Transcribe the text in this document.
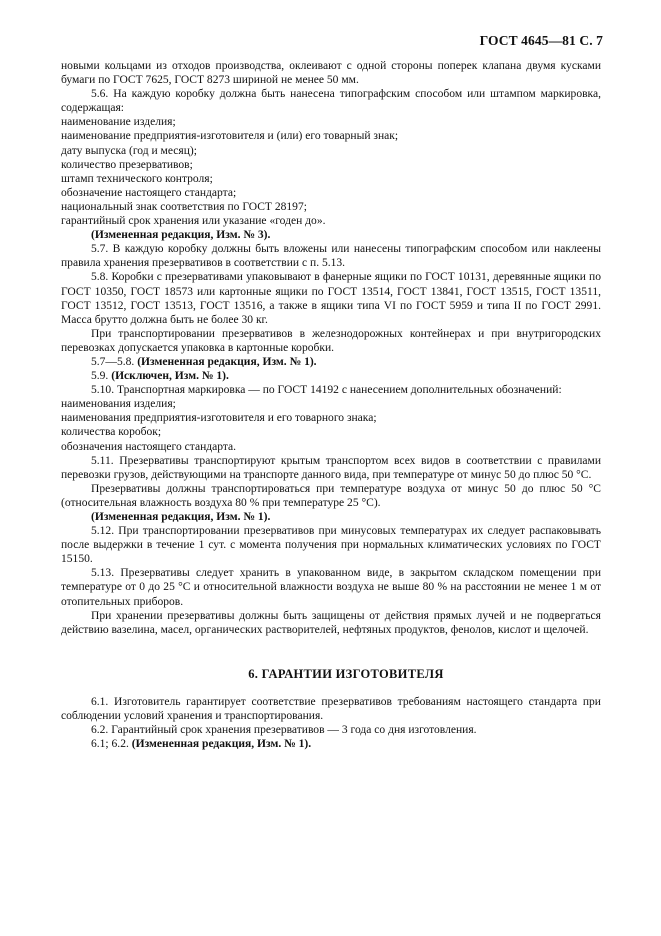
ГОСТ 4645—81 С. 7

новыми кольцами из отходов производства, оклеивают с одной стороны поперек клапана двумя кусками бумаги по ГОСТ 7625, ГОСТ 8273 шириной не менее 50 мм.

5.6. На каждую коробку должна быть нанесена типографским способом или штампом маркировка, содержащая:

наименование изделия;

наименование предприятия-изготовителя и (или) его товарный знак;

дату выпуска (год и месяц);

количество презервативов;

штамп технического контроля;

обозначение настоящего стандарта;

национальный знак соответствия по ГОСТ 28197;

гарантийный срок хранения или указание «годен до».

(Измененная редакция, Изм. № 3).

5.7. В каждую коробку должны быть вложены или нанесены типографским способом или наклеены правила хранения презервативов в соответствии с п. 5.13.

5.8. Коробки с презервативами упаковывают в фанерные ящики по ГОСТ 10131, деревянные ящики по ГОСТ 10350, ГОСТ 18573 или картонные ящики по ГОСТ 13514, ГОСТ 13841, ГОСТ 13515, ГОСТ 13511, ГОСТ 13512, ГОСТ 13513, ГОСТ 13516, а также в ящики типа VI по ГОСТ 5959 и типа II по ГОСТ 2991. Масса брутто должна быть не более 30 кг.

При транспортировании презервативов в железнодорожных контейнерах и при внутригородских перевозках допускается упаковка в картонные коробки.

5.7—5.8. (Измененная редакция, Изм. № 1).

5.9. (Исключен, Изм. № 1).

5.10. Транспортная маркировка — по ГОСТ 14192 с нанесением дополнительных обозначений:

наименования изделия;

наименования предприятия-изготовителя и его товарного знака;

количества коробок;

обозначения настоящего стандарта.

5.11. Презервативы транспортируют крытым транспортом всех видов в соответствии с правилами перевозки грузов, действующими на транспорте данного вида, при температуре от минус 50 до плюс 50 °С.

Презервативы должны транспортироваться при температуре воздуха от минус 50 до плюс 50 °С (относительная влажность воздуха 80 % при температуре 25 °С).

(Измененная редакция, Изм. № 1).

5.12. При транспортировании презервативов при минусовых температурах их следует распаковывать после выдержки в течение 1 сут. с момента получения при нормальных климатических условиях по ГОСТ 15150.

5.13. Презервативы следует хранить в упакованном виде, в закрытом складском помещении при температуре от 0 до 25 °С и относительной влажности воздуха не выше 80 % на расстоянии не менее 1 м от отопительных приборов.

При хранении презервативы должны быть защищены от действия прямых лучей и не подвергаться действию вазелина, масел, органических растворителей, нефтяных продуктов, фенолов, кислот и щелочей.

6. ГАРАНТИИ ИЗГОТОВИТЕЛЯ

6.1. Изготовитель гарантирует соответствие презервативов требованиям настоящего стандарта при соблюдении условий хранения и транспортирования.

6.2. Гарантийный срок хранения презервативов — 3 года со дня изготовления.

6.1; 6.2. (Измененная редакция, Изм. № 1).
